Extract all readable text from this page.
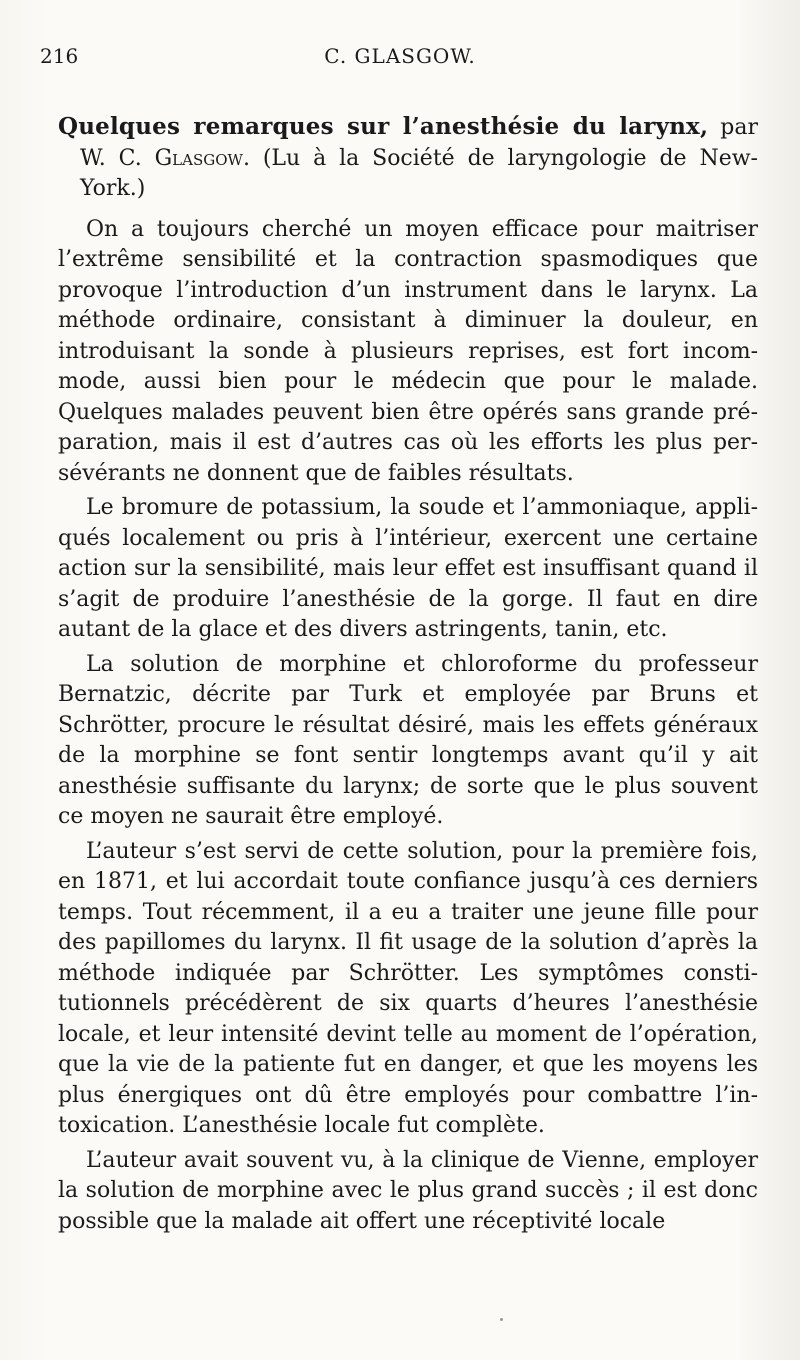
216	C. GLASGOW.

Quelques remarques sur l’anesthésie du larynx, par W. C. Glasgow. (Lu à la Société de laryngologie de New-York.)

On a toujours cherché un moyen efficace pour maitriser l’extrême sensibilité et la contraction spasmodiques que provoque l’introduction d’un instrument dans le larynx. La méthode ordinaire, consistant à diminuer la douleur, en introduisant la sonde à plusieurs reprises, est fort incommode, aussi bien pour le médecin que pour le malade. Quelques malades peuvent bien être opérés sans grande préparation, mais il est d’autres cas où les efforts les plus persévérants ne donnent que de faibles résultats.

Le bromure de potassium, la soude et l’ammoniaque, appliqués localement ou pris à l’intérieur, exercent une certaine action sur la sensibilité, mais leur effet est insuffisant quand il s’agit de produire l’anesthésie de la gorge. Il faut en dire autant de la glace et des divers astringents, tanin, etc.

La solution de morphine et chloroforme du professeur Bernatzic, décrite par Turk et employée par Bruns et Schrötter, procure le résultat désiré, mais les effets généraux de la morphine se font sentir longtemps avant qu’il y ait anesthésie suffisante du larynx; de sorte que le plus souvent ce moyen ne saurait être employé.

L’auteur s’est servi de cette solution, pour la première fois, en 1871, et lui accordait toute confiance jusqu’à ces derniers temps. Tout récemment, il a eu a traiter une jeune fille pour des papillomes du larynx. Il fit usage de la solution d’après la méthode indiquée par Schrötter. Les symptômes constitutionnels précédèrent de six quarts d’heures l’anesthésie locale, et leur intensité devint telle au moment de l’opération, que la vie de la patiente fut en danger, et que les moyens les plus énergiques ont dû être employés pour combattre l’intoxication. L’anesthésie locale fut complète.

L’auteur avait souvent vu, à la clinique de Vienne, employer la solution de morphine avec le plus grand succès ; il est donc possible que la malade ait offert une réceptivité locale
